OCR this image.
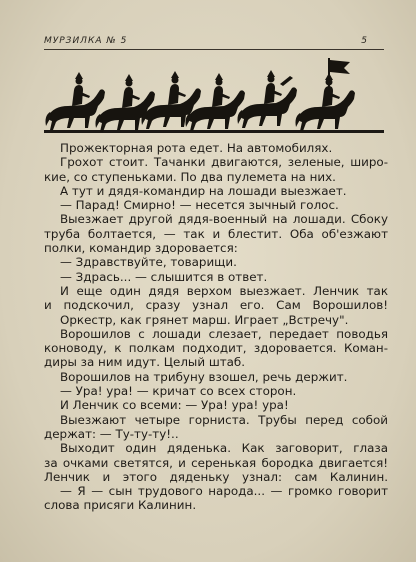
МУРЗИЛКА № 5	5
Прожекторная рота едет. На автомобилях.
Грохот стоит. Тачанки двигаются, зеленые, широ-
кие, со ступеньками. По два пулемета на них.
А тут и дядя-командир на лошади выезжает.
— Парад! Смирно! — несется зычный голос.
Выезжает другой дядя-военный на лошади. Сбоку
труба болтается, — так и блестит. Оба об'езжают
полки, командир здоровается:
— Здравствуйте, товарищи.
— Здрась... — слышится в ответ.
И еще один дядя верхом выезжает. Ленчик так
и подскочил, сразу узнал его. Сам Ворошилов!
Оркестр, как грянет марш. Играет „Встречу".
Ворошилов с лошади слезает, передает поводья
коноводу, к полкам подходит, здоровается. Коман-
диры за ним идут. Целый штаб.
Ворошилов на трибуну взошел, речь держит.
— Ура! ура! — кричат со всех сторон.
И Ленчик со всеми: — Ура! ура! ура!
Выезжают четыре горниста. Трубы перед собой
держат: — Ту-ту-ту!..
Выходит один дяденька. Как заговорит, глаза
за очками светятся, и серенькая бородка двигается!
Ленчик и этого дяденьку узнал: сам Калинин.
— Я — сын трудового народа... — громко говорит
слова присяги Калинин.
